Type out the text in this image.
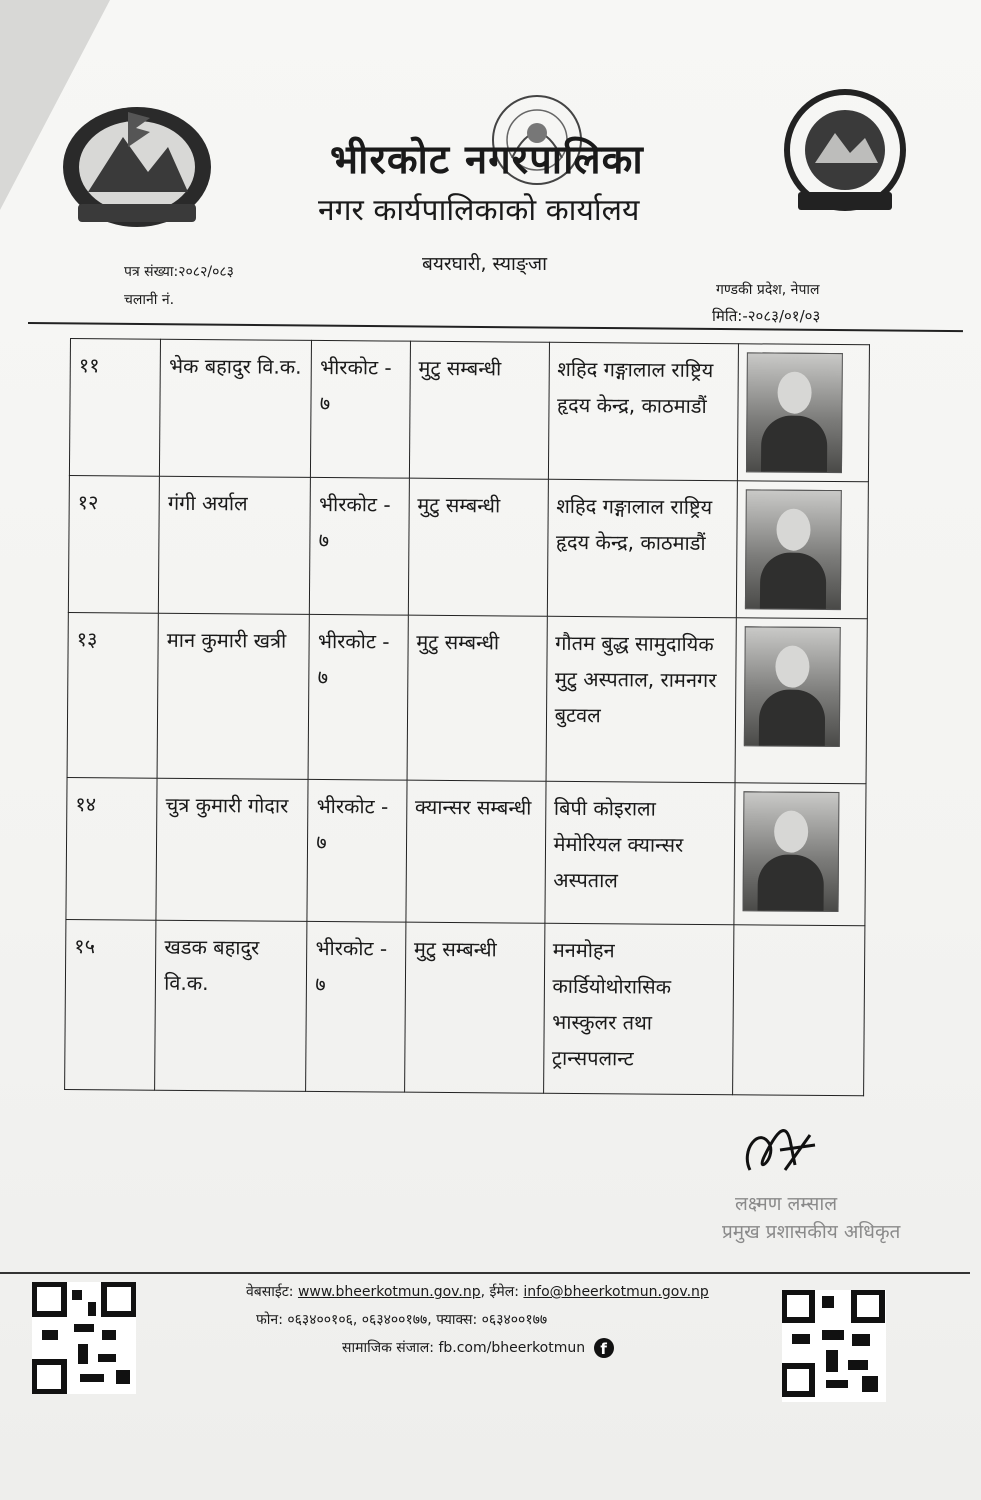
भीरकोट नगरपालिका
नगर कार्यपालिकाको कार्यालय
बयरघारी, स्याङ्जा
पत्र संख्या:२०८२/०८३
चलानी नं.
गण्डकी प्रदेश, नेपाल
मिति:-२०८३/०१/०३
११	भेक बहादुर वि.क.	भीरकोट - ७	मुटु सम्बन्धी	शहिद गङ्गालाल राष्ट्रिय हृदय केन्द्र, काठमाडौं	

१२	गंगी अर्याल	भीरकोट - ७	मुटु सम्बन्धी	शहिद गङ्गालाल राष्ट्रिय हृदय केन्द्र, काठमाडौं	

१३	मान कुमारी खत्री	भीरकोट - ७	मुटु सम्बन्धी	गौतम बुद्ध सामुदायिक मुटु अस्पताल, रामनगर बुटवल	

१४	चुत्र कुमारी गोदार	भीरकोट - ७	क्यान्सर सम्बन्धी	बिपी कोइराला मेमोरियल क्यान्सर अस्पताल	

१५	खडक बहादुर वि.क.	भीरकोट - ७	मुटु सम्बन्धी	मनमोहन कार्डियोथोरासिक भास्कुलर तथा ट्रान्सपलान्ट	
लक्ष्मण लम्साल
प्रमुख प्रशासकीय अधिकृत
वेबसाईट: www.bheerkotmun.gov.np, ईमेल: info@bheerkotmun.gov.np
फोन: ०६३४००१०६, ०६३४००१७७, फ्याक्स: ०६३४००१७७
सामाजिक संजाल: fb.com/bheerkotmun f
